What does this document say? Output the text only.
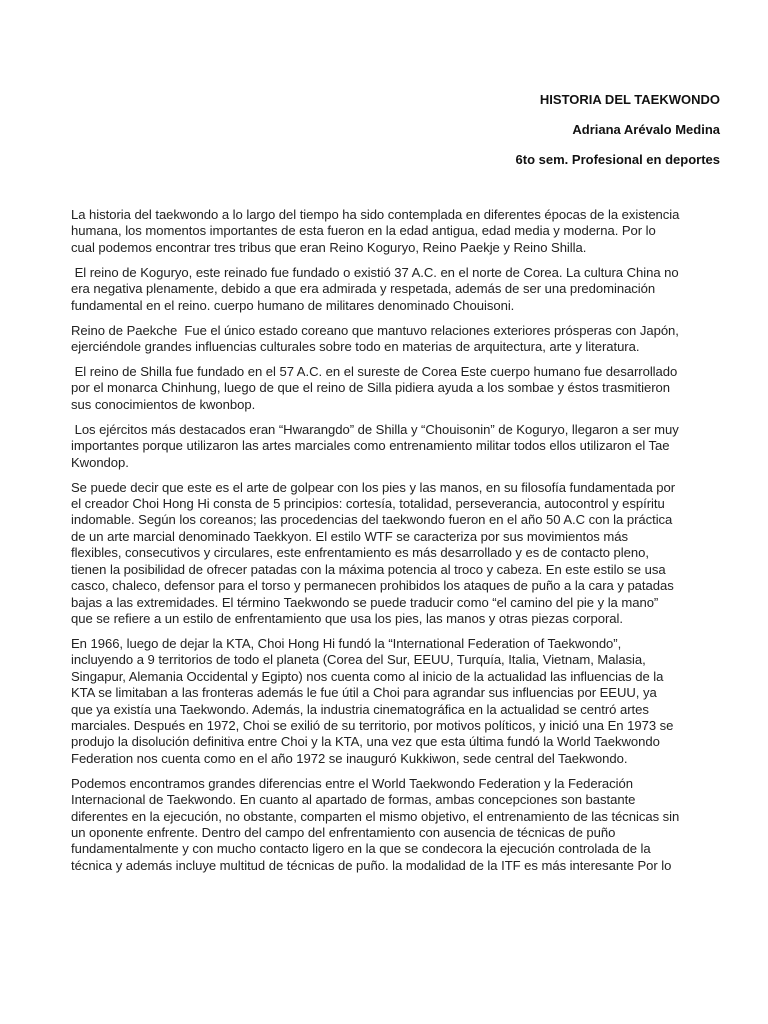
HISTORIA DEL TAEKWONDO
Adriana Arévalo Medina
6to sem. Profesional en deportes

La historia del taekwondo a lo largo del tiempo ha sido contemplada en diferentes épocas de la existencia
humana, los momentos importantes de esta fueron en la edad antigua, edad media y moderna. Por lo
cual podemos encontrar tres tribus que eran Reino Koguryo, Reino Paekje y Reino Shilla.

El reino de Koguryo, este reinado fue fundado o existió 37 A.C. en el norte de Corea. La cultura China no
era negativa plenamente, debido a que era admirada y respetada, además de ser una predominación
fundamental en el reino. cuerpo humano de militares denominado Chouisoni.

Reino de Paekche  Fue el único estado coreano que mantuvo relaciones exteriores prósperas con Japón,
ejerciéndole grandes influencias culturales sobre todo en materias de arquitectura, arte y literatura.

El reino de Shilla fue fundado en el 57 A.C. en el sureste de Corea Este cuerpo humano fue desarrollado
por el monarca Chinhung, luego de que el reino de Silla pidiera ayuda a los sombae y éstos trasmitieron
sus conocimientos de kwonbop.

Los ejércitos más destacados eran “Hwarangdo” de Shilla y “Chouisonin” de Koguryo, llegaron a ser muy
importantes porque utilizaron las artes marciales como entrenamiento militar todos ellos utilizaron el Tae
Kwondop.

Se puede decir que este es el arte de golpear con los pies y las manos, en su filosofía fundamentada por
el creador Choi Hong Hi consta de 5 principios: cortesía, totalidad, perseverancia, autocontrol y espíritu
indomable. Según los coreanos; las procedencias del taekwondo fueron en el año 50 A.C con la práctica
de un arte marcial denominado Taekkyon. El estilo WTF se caracteriza por sus movimientos más
flexibles, consecutivos y circulares, este enfrentamiento es más desarrollado y es de contacto pleno,
tienen la posibilidad de ofrecer patadas con la máxima potencia al troco y cabeza. En este estilo se usa
casco, chaleco, defensor para el torso y permanecen prohibidos los ataques de puño a la cara y patadas
bajas a las extremidades. El término Taekwondo se puede traducir como “el camino del pie y la mano”
que se refiere a un estilo de enfrentamiento que usa los pies, las manos y otras piezas corporal.

En 1966, luego de dejar la KTA, Choi Hong Hi fundó la “International Federation of Taekwondo”,
incluyendo a 9 territorios de todo el planeta (Corea del Sur, EEUU, Turquía, Italia, Vietnam, Malasia,
Singapur, Alemania Occidental y Egipto) nos cuenta como al inicio de la actualidad las influencias de la
KTA se limitaban a las fronteras además le fue útil a Choi para agrandar sus influencias por EEUU, ya
que ya existía una Taekwondo. Además, la industria cinematográfica en la actualidad se centró artes
marciales. Después en 1972, Choi se exilió de su territorio, por motivos políticos, y inició una En 1973 se
produjo la disolución definitiva entre Choi y la KTA, una vez que esta última fundó la World Taekwondo
Federation nos cuenta como en el año 1972 se inauguró Kukkiwon, sede central del Taekwondo.

Podemos encontramos grandes diferencias entre el World Taekwondo Federation y la Federación
Internacional de Taekwondo. En cuanto al apartado de formas, ambas concepciones son bastante
diferentes en la ejecución, no obstante, comparten el mismo objetivo, el entrenamiento de las técnicas sin
un oponente enfrente. Dentro del campo del enfrentamiento con ausencia de técnicas de puño
fundamentalmente y con mucho contacto ligero en la que se condecora la ejecución controlada de la
técnica y además incluye multitud de técnicas de puño. la modalidad de la ITF es más interesante Por lo
